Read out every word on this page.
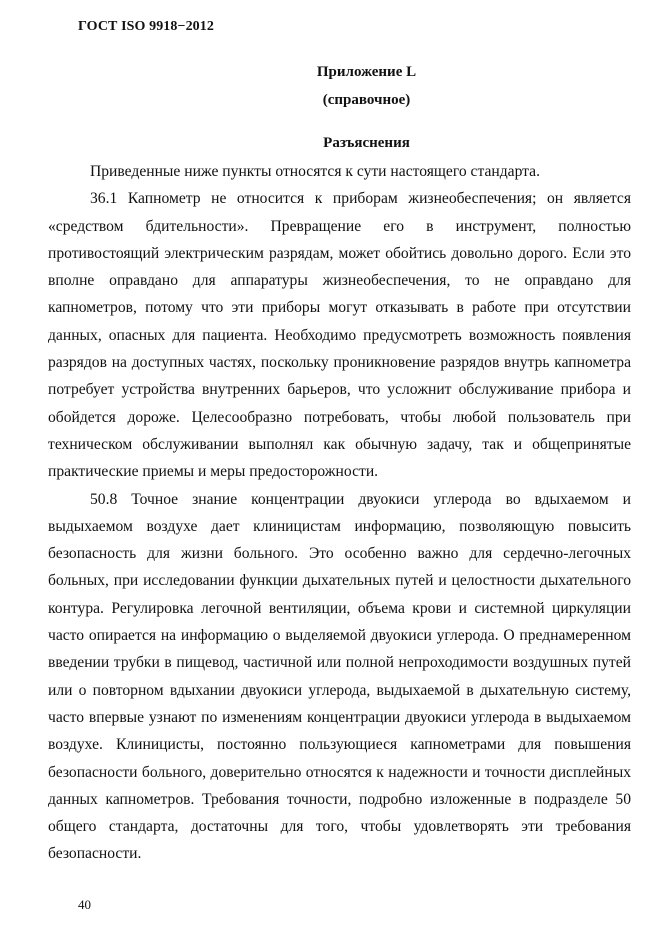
ГОСТ ISO 9918−2012
Приложение L
(справочное)
Разъяснения

Приведенные ниже пункты относятся к сути настоящего стандарта.

36.1 Капнометр не относится к приборам жизнеобеспечения; он является «средством бдительности». Превращение его в инструмент, полностью противостоящий электрическим разрядам, может обойтись довольно дорого. Если это вполне оправдано для аппаратуры жизнеобеспечения, то не оправдано для капнометров, потому что эти приборы могут отказывать в работе при отсутствии данных, опасных для пациента. Необходимо предусмотреть возможность появления разрядов на доступных частях, поскольку проникновение разрядов внутрь капнометра потребует устройства внутренних барьеров, что усложнит обслуживание прибора и обойдется дороже. Целесообразно потребовать, чтобы любой пользователь при техническом обслуживании выполнял как обычную задачу, так и общепринятые практические приемы и меры предосторожности.

50.8 Точное знание концентрации двуокиси углерода во вдыхаемом и выдыхаемом воздухе дает клиницистам информацию, позволяющую повысить безопасность для жизни больного. Это особенно важно для сердечно-легочных больных, при исследовании функции дыхательных путей и целостности дыхательного контура. Регулировка легочной вентиляции, объема крови и системной циркуляции часто опирается на информацию о выделяемой двуокиси углерода. О преднамеренном введении трубки в пищевод, частичной или полной непроходимости воздушных путей или о повторном вдыхании двуокиси углерода, выдыхаемой в дыхательную систему, часто впервые узнают по изменениям концентрации двуокиси углерода в выдыхаемом воздухе. Клиницисты, постоянно пользующиеся капнометрами для повышения безопасности больного, доверительно относятся к надежности и точности дисплейных данных капнометров. Требования точности, подробно изложенные в подразделе 50 общего стандарта, достаточны для того, чтобы удовлетворять эти требования безопасности.

40
